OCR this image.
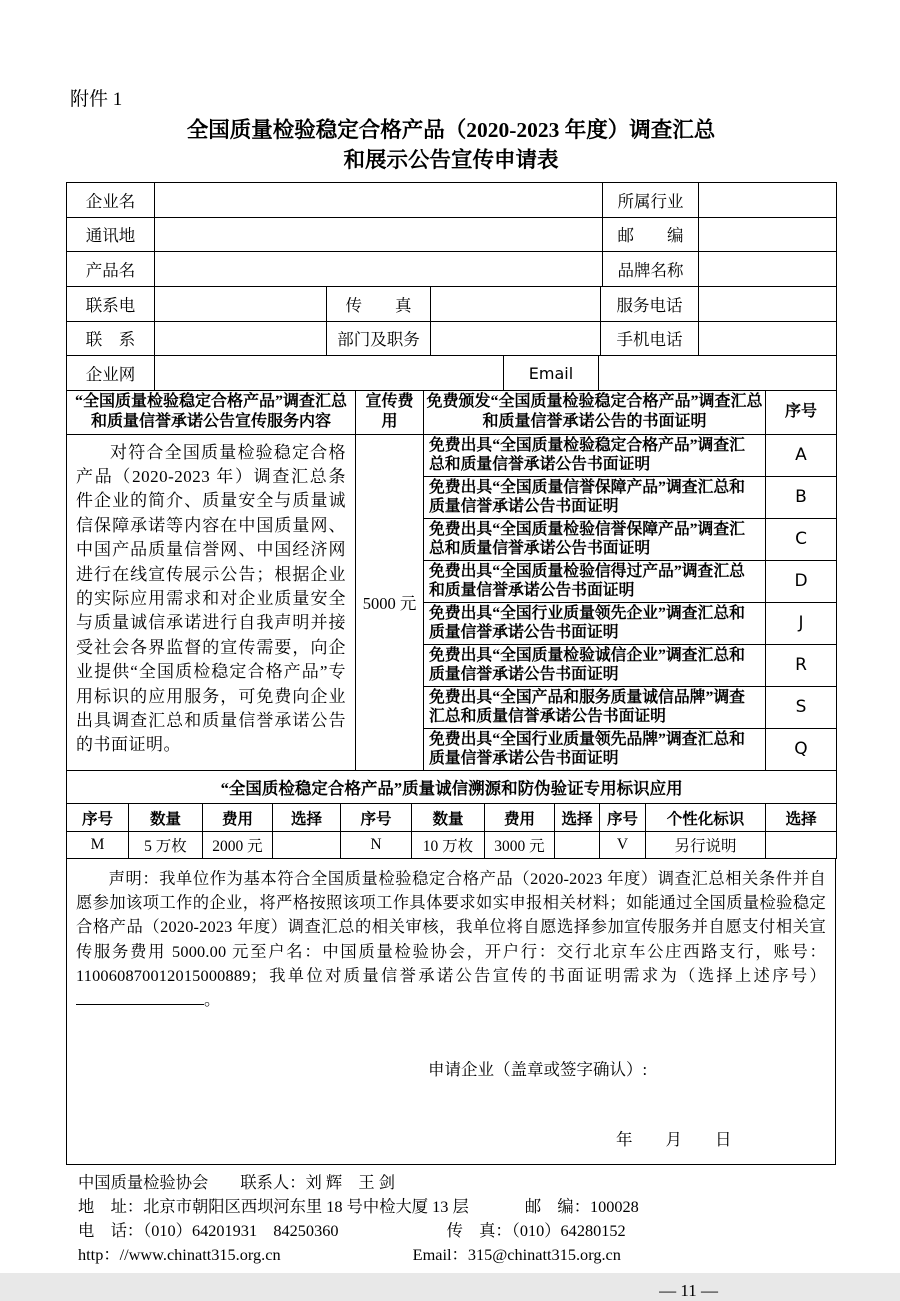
附件 1
全国质量检验稳定合格产品（2020-2023 年度）调查汇总
和展示公告宣传申请表
企业名		所属行业	
通讯地		邮　　编	
产品名		品牌名称	
联系电		传　　真		服务电话	
联　系		部门及职务		手机电话	
企业网		Email	
“全国质量检验稳定合格产品”调查汇总和质量信誉承诺公告宣传服务内容	宣传费用	免费颁发“全国质量检验稳定合格产品”调查汇总和质量信誉承诺公告的书面证明	序号

对符合全国质量检验稳定合格产品（2020-2023 年）调查汇总条件企业的简介、质量安全与质量诚信保障承诺等内容在中国质量网、中国产品质量信誉网、中国经济网进行在线宣传展示公告；根据企业的实际应用需求和对企业质量安全与质量诚信承诺进行自我声明并接受社会各界监督的宣传需要，向企业提供“全国质检稳定合格产品”专用标识的应用服务，可免费向企业出具调查汇总和质量信誉承诺公告的书面证明。	5000 元	免费出具“全国质量检验稳定合格产品”调查汇总和质量信誉承诺公告书面证明	A
		免费出具“全国质量信誉保障产品”调查汇总和质量信誉承诺公告书面证明	B
		免费出具“全国质量检验信誉保障产品”调查汇总和质量信誉承诺公告书面证明	C
		免费出具“全国质量检验信得过产品”调查汇总和质量信誉承诺公告书面证明	D
		免费出具“全国行业质量领先企业”调查汇总和质量信誉承诺公告书面证明	J
		免费出具“全国质量检验诚信企业”调查汇总和质量信誉承诺公告书面证明	R
		免费出具“全国产品和服务质量诚信品牌”调查汇总和质量信誉承诺公告书面证明	S
		免费出具“全国行业质量领先品牌”调查汇总和质量信誉承诺公告书面证明	Q
“全国质检稳定合格产品”质量诚信溯源和防伪验证专用标识应用										
序号	数量	费用	选择	序号	数量	费用	选择	序号	个性化标识	选择
M	5 万枚	2000 元		N	10 万枚	3000 元		V	另行说明	
声明：我单位作为基本符合全国质量检验稳定合格产品（2020-2023 年度）调查汇总相关条件并自愿参加该项工作的企业，将严格按照该项工作具体要求如实申报相关材料；如能通过全国质量检验稳定合格产品（2020-2023 年度）调查汇总的相关审核，我单位将自愿选择参加宣传服务并自愿支付相关宣传服务费用 5000.00 元至户名：中国质量检验协会，开户行：交行北京车公庄西路支行，账号：110060870012015000889；我单位对质量信誉承诺公告宣传的书面证明需求为（选择上述序号）。
申请企业（盖章或签字确认）:
年　　月　　日
中国质量检验协会 联系人：刘 辉　王 剑
地　址：北京市朝阳区西坝河东里 18 号中检大厦 13 层	邮　编：100028
电　话：（010）64201931　84250360	传　真：（010）64280152
http：//www.chinatt315.org.cn	Email：315@chinatt315.org.cn
— 11 —
